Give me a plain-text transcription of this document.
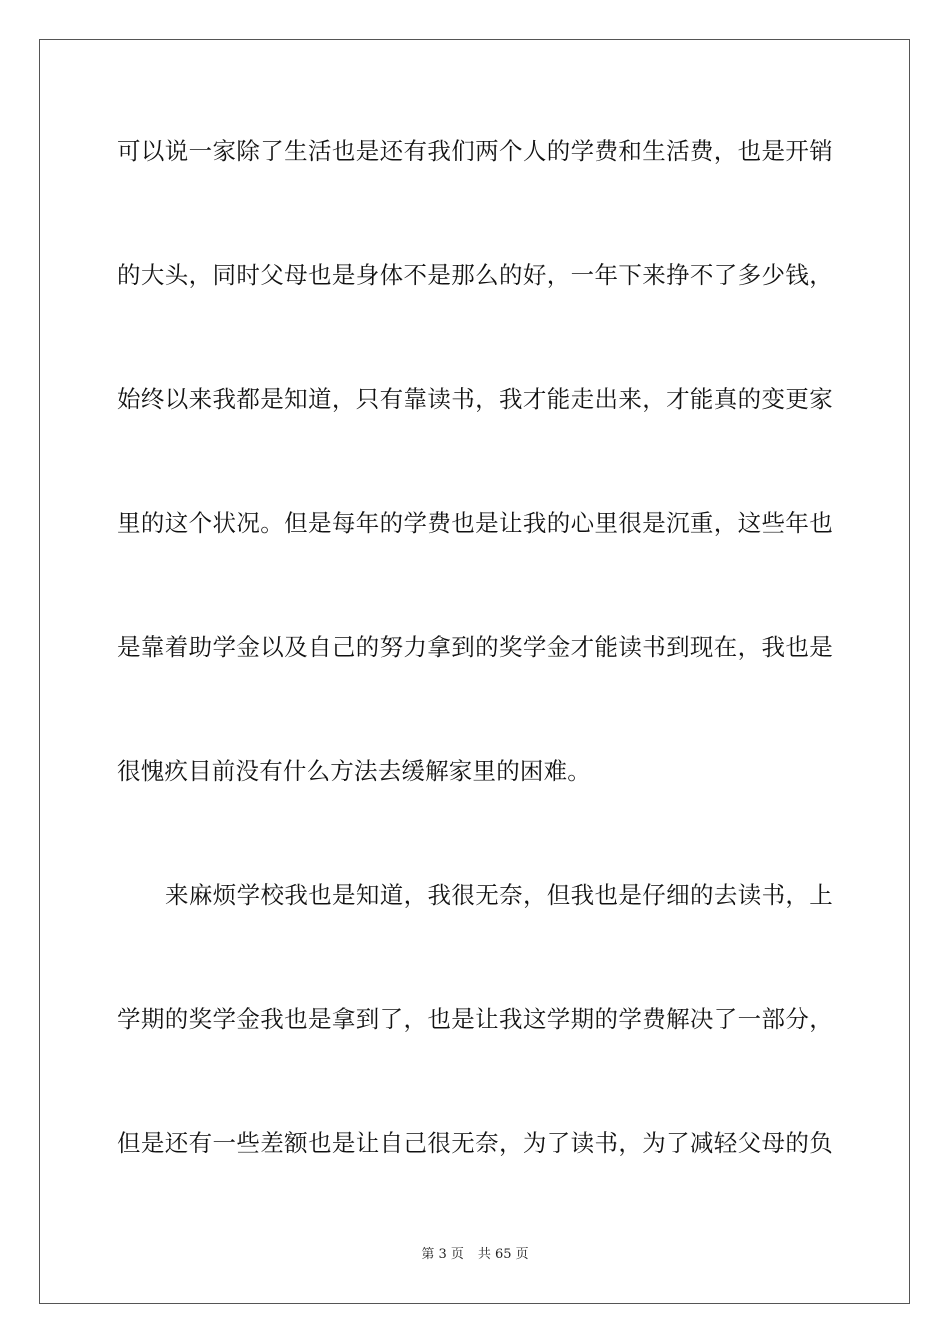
可以说一家除了生活也是还有我们两个人的学费和生活费，也是开销
的大头，同时父母也是身体不是那么的好，一年下来挣不了多少钱，
始终以来我都是知道，只有靠读书，我才能走出来，才能真的变更家
里的这个状况。但是每年的学费也是让我的心里很是沉重，这些年也
是靠着助学金以及自己的努力拿到的奖学金才能读书到现在，我也是
很愧疚目前没有什么方法去缓解家里的困难。
来麻烦学校我也是知道，我很无奈，但我也是仔细的去读书，上
学期的奖学金我也是拿到了，也是让我这学期的学费解决了一部分，
但是还有一些差额也是让自己很无奈，为了读书，为了减轻父母的负
第 3 页 共 65 页
